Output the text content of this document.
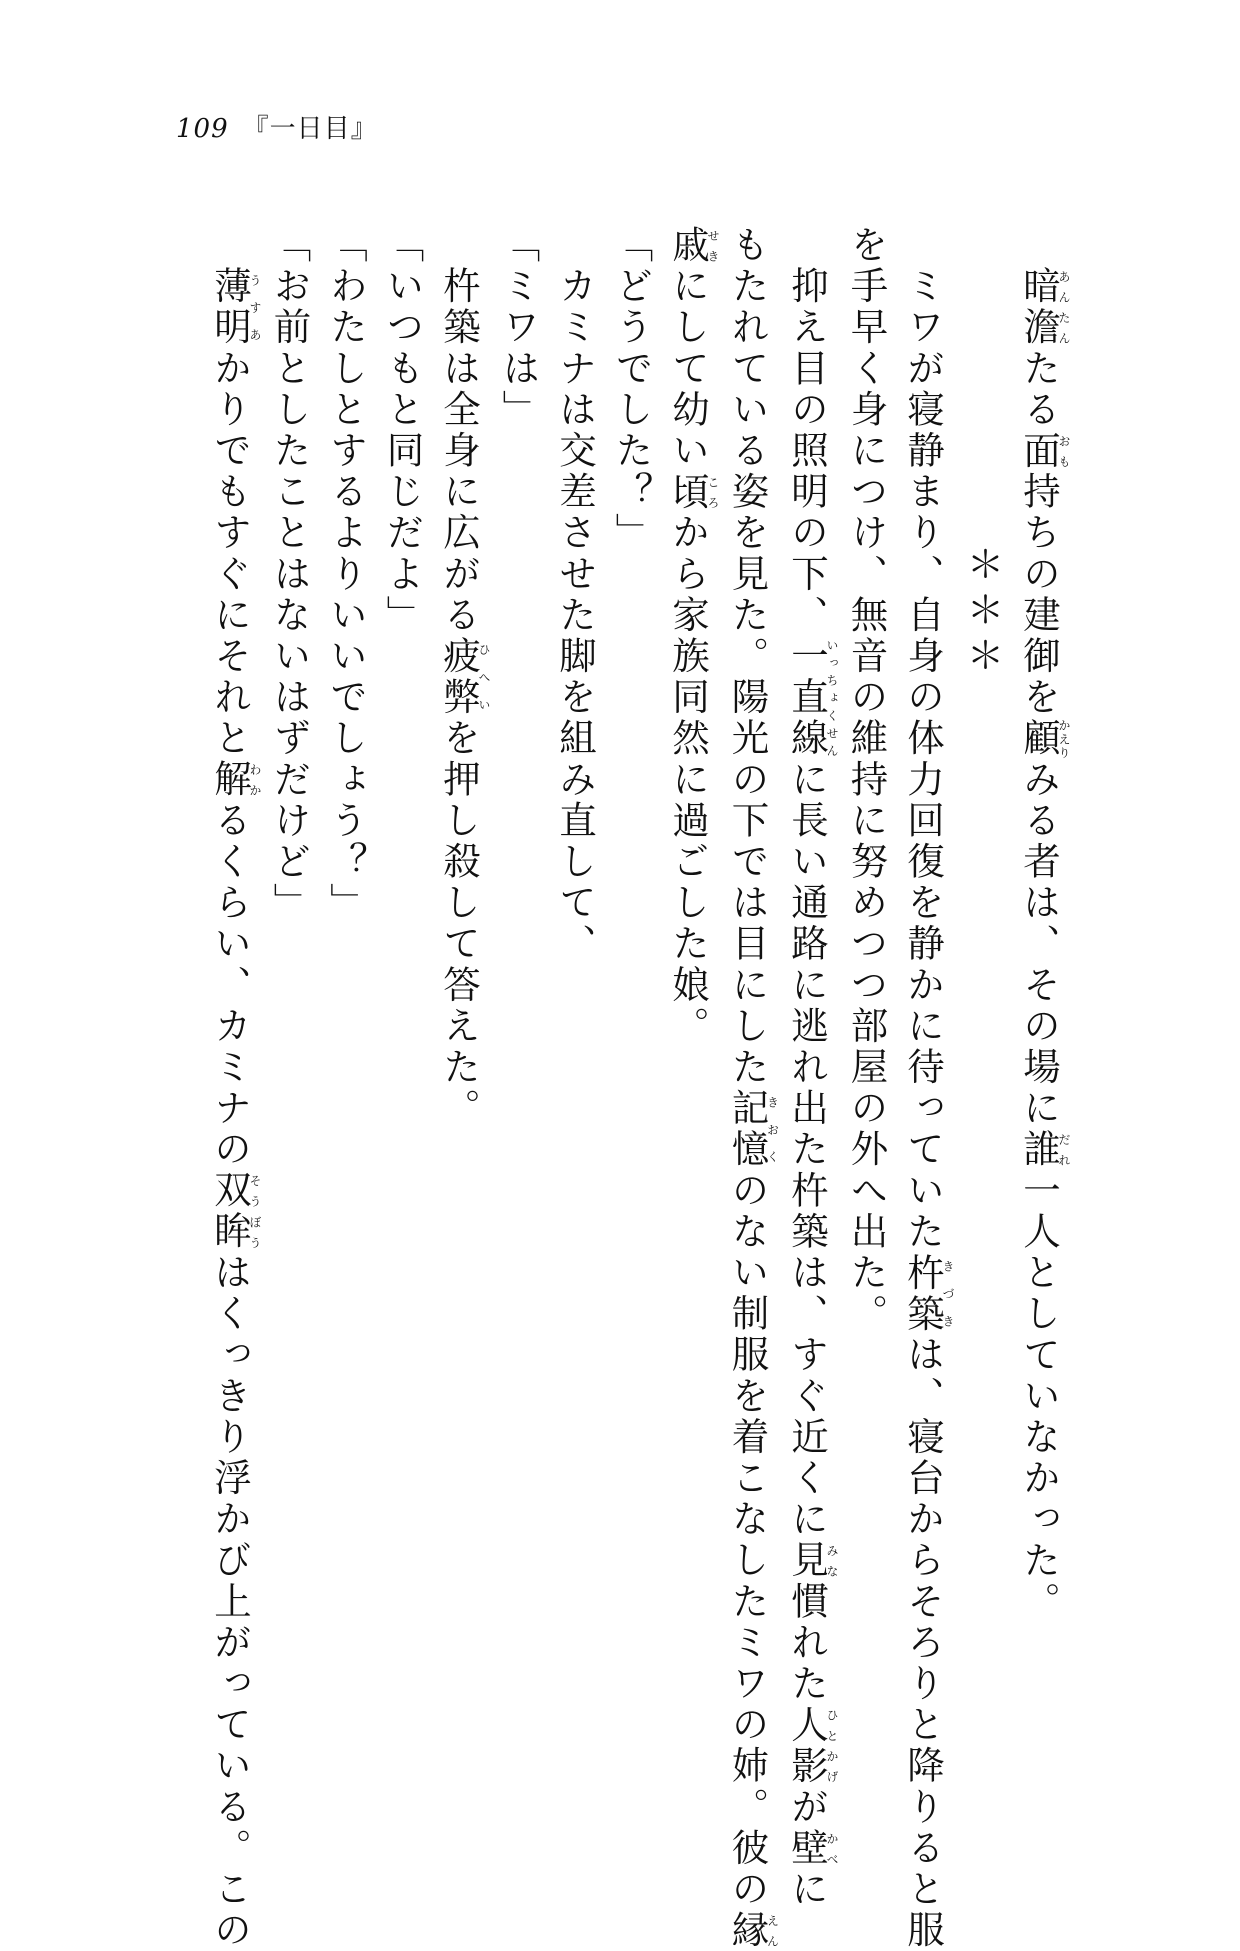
109 『一日目』

　暗澹あんたんたる面おも持ちの建御を顧かえりみる者は、その場に誰だれ一人としていなかった。

＊＊＊

　ミワが寝静まり、自身の体力回復を静かに待っていた杵築きづきは、寝台からそろりと降りると服

を手早く身につけ、無音の維持に努めつつ部屋の外へ出た。

　抑え目の照明の下、一直線いっちょくせんに長い通路に逃れ出た杵築は、すぐ近くに見みな慣れた人影ひとかげが壁かべに

もたれている姿を見た。陽光の下では目にした記憶きおくのない制服を着こなしたミワの姉。彼の縁えん

戚せきにして幼い頃ころから家族同然に過ごした娘。

「どうでした？」

　カミナは交差させた脚を組み直して、

「ミワは」

　杵築は全身に広がる疲弊ひへいを押し殺して答えた。

「いつもと同じだよ」

「わたしとするよりいいでしょう？」

「お前としたことはないはずだけど」

　薄明うすあかりでもすぐにそれと解わかるくらい、カミナの双眸そうぼうはくっきり浮かび上がっている。この
